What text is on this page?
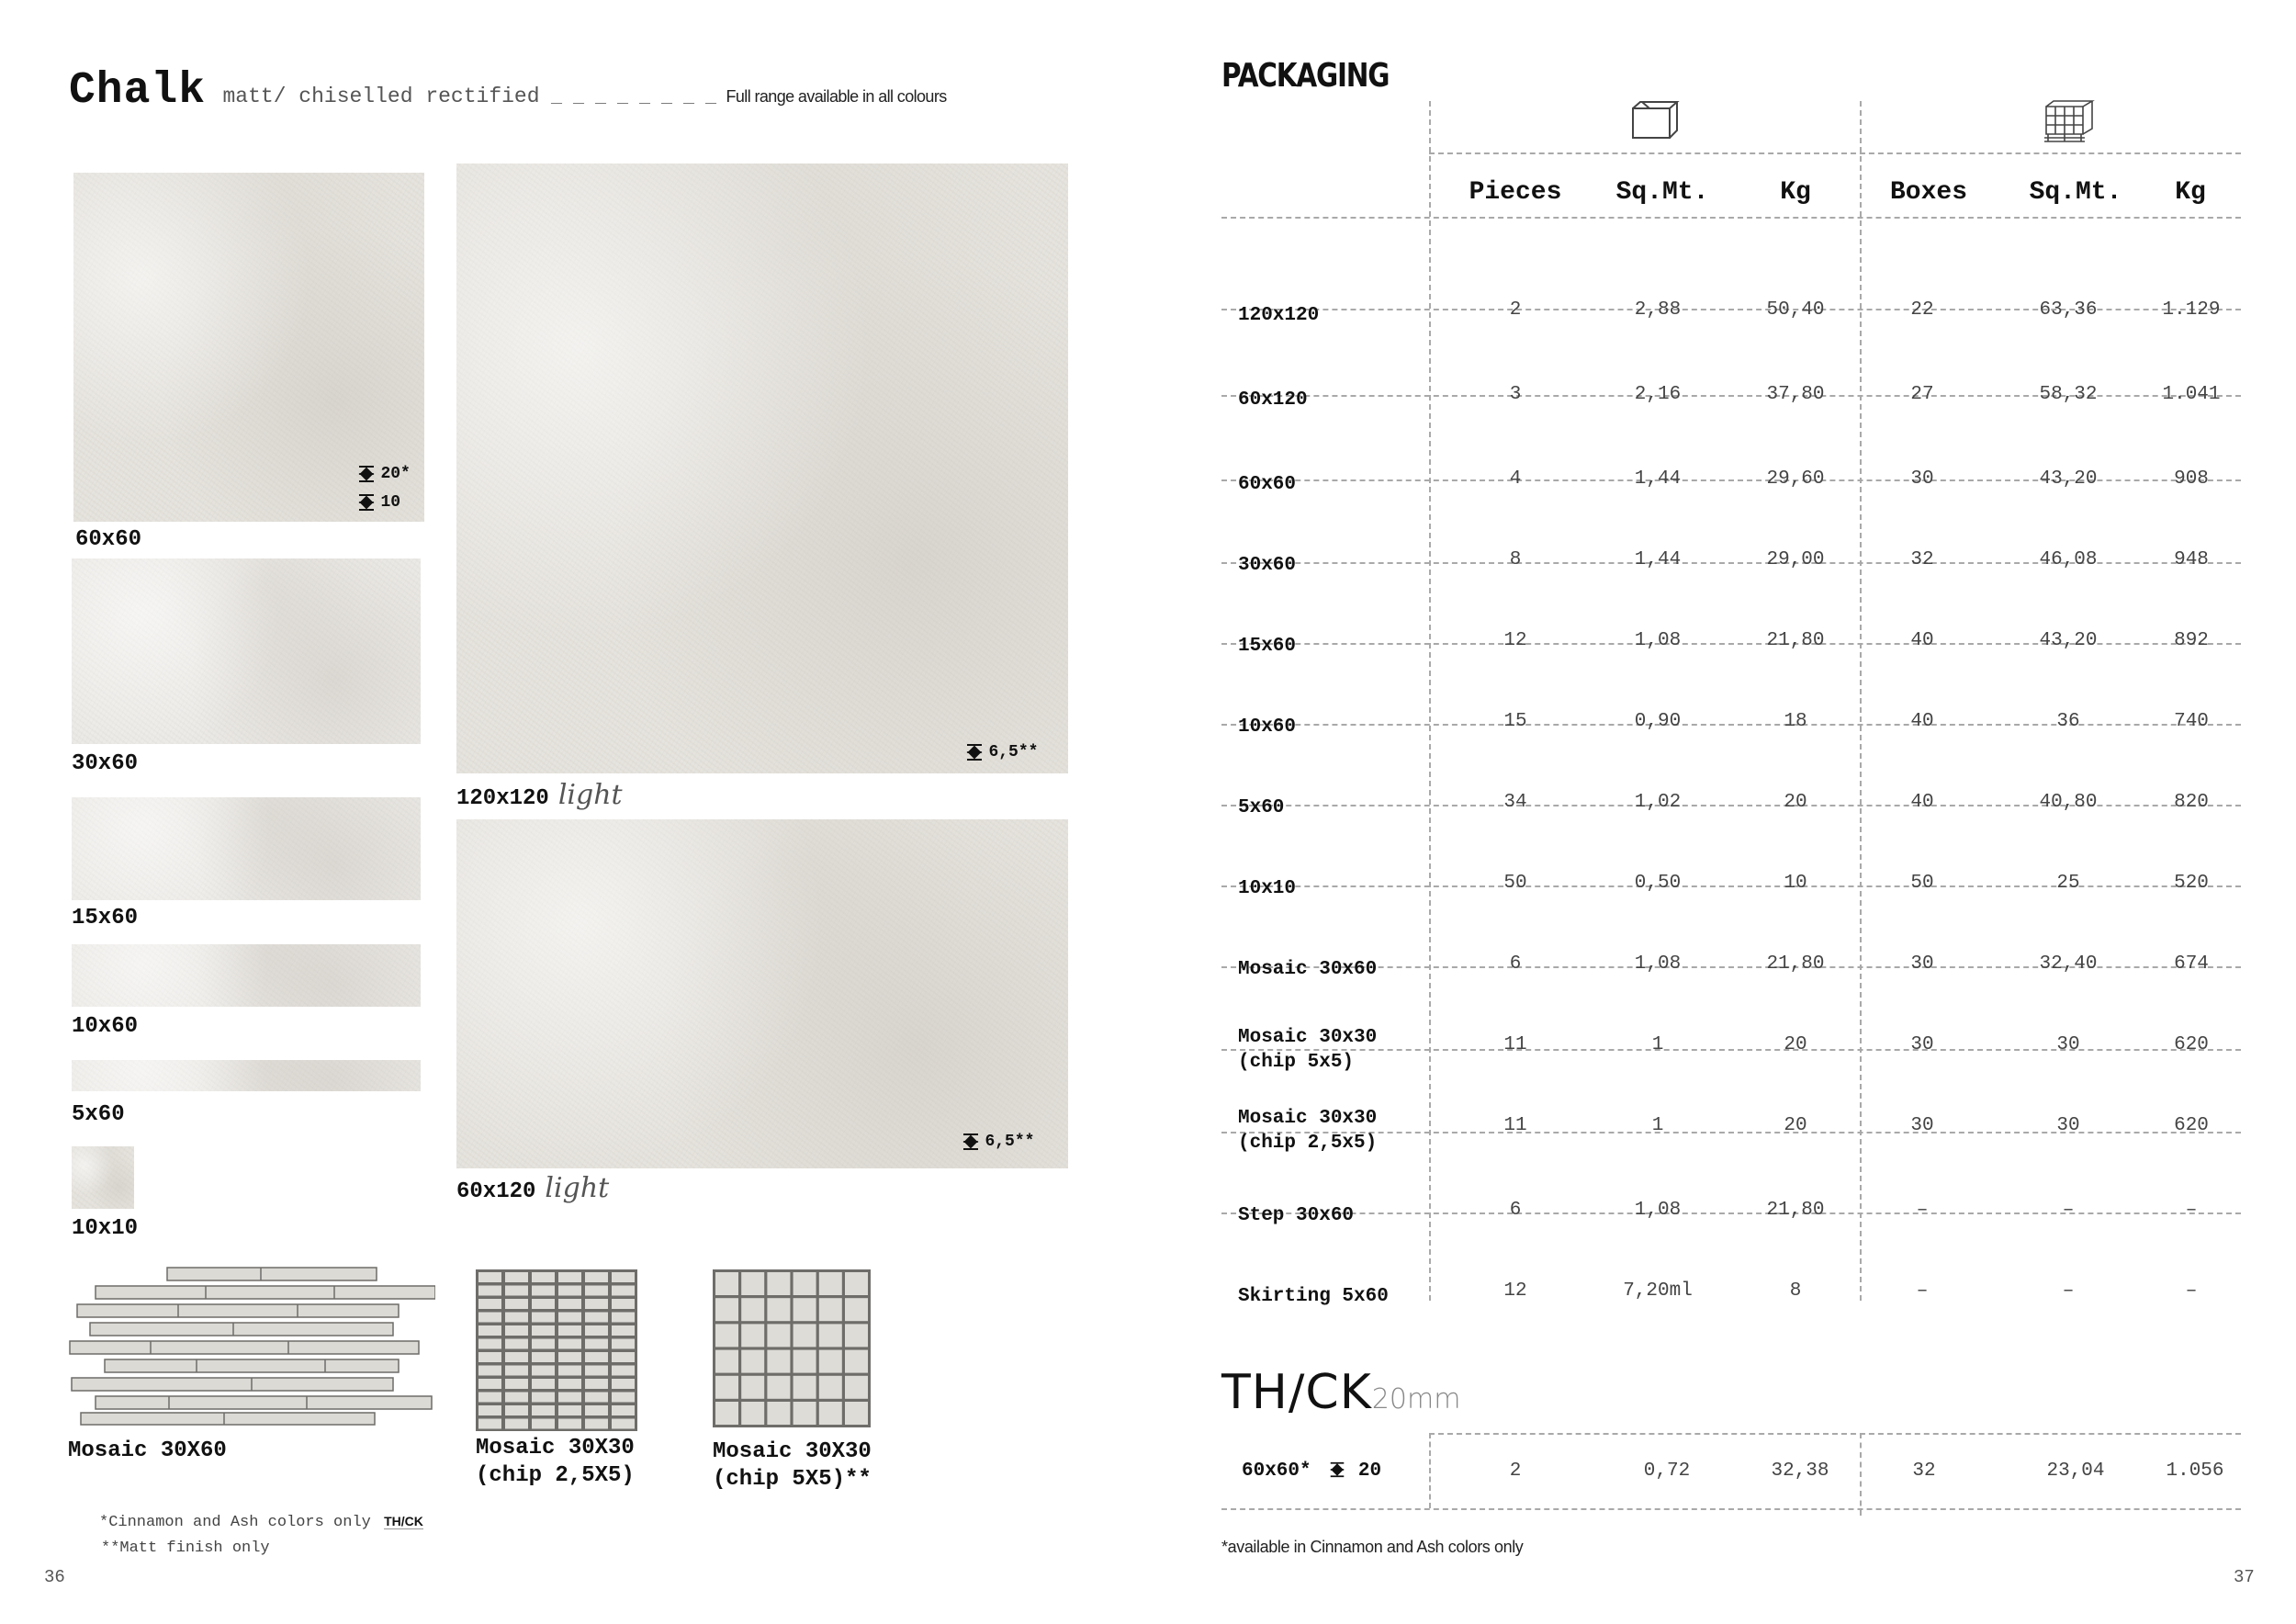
Chalk matt/ chiselled rectified _ _ _ _ _ _ _ _ Full range available in all colours
20*
10
60x60
30x60
15x60
10x60
5x60
10x10
6,5**
120x120 light
6,5**
60x120 light
Mosaic 30X60	Mosaic 30X30
(chip 2,5X5)
Mosaic 30X30
(chip 5X5)**
*Cinnamon and Ash colors only TH/CK
**Matt finish only
36
PACKAGING
Pieces	Sq.Mt.	Kg	Boxes	Sq.Mt.	Kg
120x120	2	2,88	50,40	22	63,36	1.129
60x120	3	2,16	37,80	27	58,32	1.041
60x60	4	1,44	29,60	30	43,20	908
30x60	8	1,44	29,00	32	46,08	948
15x60	12	1,08	21,80	40	43,20	892
10x60	15	0,90	18	40	36	740
5x60	34	1,02	20	40	40,80	820
10x10	50	0,50	10	50	25	520
Mosaic 30x60	6	1,08	21,80	30	32,40	674
Mosaic 30x30
(chip 5x5)
11	1	20	30	30	620
Mosaic 30x30
(chip 2,5x5)
11	1	20	30	30	620
Step 30x60	6	1,08	21,80	–	–	–
Skirting 5x60	12	7,20ml	8	–	–	–
TH/CK20mm
60x60* 20	2	0,72	32,38	32	23,04	1.056
*available in Cinnamon and Ash colors only
37
